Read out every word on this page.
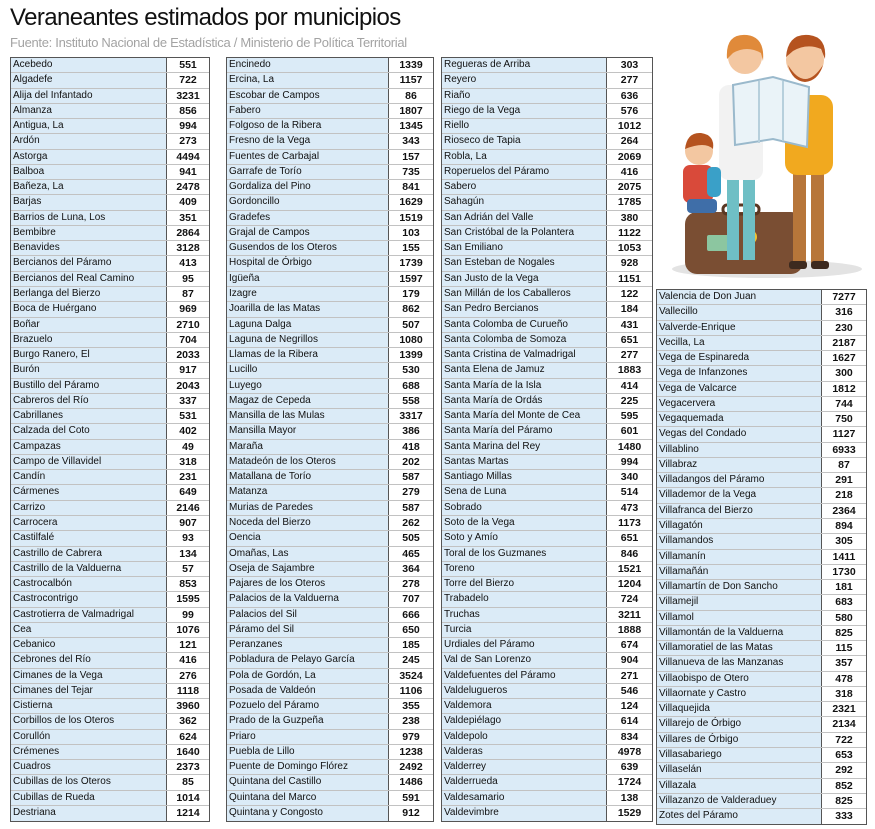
Veraneantes estimados por municipios
Fuente: Instituto Nacional de Estadística / Ministerio de Política Territorial
Acebedo	551
Algadefe	722
Alija del Infantado	3231
Almanza	856
Antigua, La	994
Ardón	273
Astorga	4494
Balboa	941
Bañeza, La	2478
Barjas	409
Barrios de Luna, Los	351
Bembibre	2864
Benavides	3128
Bercianos del Páramo	413
Bercianos del Real Camino	95
Berlanga del Bierzo	87
Boca de Huérgano	969
Boñar	2710
Brazuelo	704
Burgo Ranero, El	2033
Burón	917
Bustillo del Páramo	2043
Cabreros del Río	337
Cabrillanes	531
Calzada del Coto	402
Campazas	49
Campo de Villavidel	318
Candín	231
Cármenes	649
Carrizo	2146
Carrocera	907
Castilfalé	93
Castrillo de Cabrera	134
Castrillo de la Valduerna	57
Castrocalbón	853
Castrocontrigo	1595
Castrotierra de Valmadrigal	99
Cea	1076
Cebanico	121
Cebrones del Río	416
Cimanes de la Vega	276
Cimanes del Tejar	1118
Cistierna	3960
Corbillos de los Oteros	362
Corullón	624
Crémenes	1640
Cuadros	2373
Cubillas de los Oteros	85
Cubillas de Rueda	1014
Destriana	1214
Encinedo	1339
Ercina, La	1157
Escobar de Campos	86
Fabero	1807
Folgoso de la Ribera	1345
Fresno de la Vega	343
Fuentes de Carbajal	157
Garrafe de Torío	735
Gordaliza del Pino	841
Gordoncillo	1629
Gradefes	1519
Grajal de Campos	103
Gusendos de los Oteros	155
Hospital de Órbigo	1739
Igüeña	1597
Izagre	179
Joarilla de las Matas	862
Laguna Dalga	507
Laguna de Negrillos	1080
Llamas de la Ribera	1399
Lucillo	530
Luyego	688
Magaz de Cepeda	558
Mansilla de las Mulas	3317
Mansilla Mayor	386
Maraña	418
Matadeón de los Oteros	202
Matallana de Torío	587
Matanza	279
Murias de Paredes	587
Noceda del Bierzo	262
Oencia	505
Omañas, Las	465
Oseja de Sajambre	364
Pajares de los Oteros	278
Palacios de la Valduerna	707
Palacios del Sil	666
Páramo del Sil	650
Peranzanes	185
Pobladura de Pelayo García	245
Pola de Gordón, La	3524
Posada de Valdeón	1106
Pozuelo del Páramo	355
Prado de la Guzpeña	238
Priaro	979
Puebla de Lillo	1238
Puente de Domingo Flórez	2492
Quintana del Castillo	1486
Quintana del Marco	591
Quintana y Congosto	912
Regueras de Arriba	303
Reyero	277
Riaño	636
Riego de la Vega	576
Riello	1012
Rioseco de Tapia	264
Robla, La	2069
Roperuelos del Páramo	416
Sabero	2075
Sahagún	1785
San Adrián del Valle	380
San Cristóbal de la Polantera	1122
San Emiliano	1053
San Esteban de Nogales	928
San Justo de la Vega	1151
San Millán de los Caballeros	122
San Pedro Bercianos	184
Santa Colomba de Curueño	431
Santa Colomba de Somoza	651
Santa Cristina de Valmadrigal	277
Santa Elena de Jamuz	1883
Santa María de la Isla	414
Santa María de Ordás	225
Santa María del Monte de Cea	595
Santa María del Páramo	601
Santa Marina del Rey	1480
Santas Martas	994
Santiago Millas	340
Sena de Luna	514
Sobrado	473
Soto de la Vega	1173
Soto y Amío	651
Toral de los Guzmanes	846
Toreno	1521
Torre del Bierzo	1204
Trabadelo	724
Truchas	3211
Turcia	1888
Urdiales del Páramo	674
Val de San Lorenzo	904
Valdefuentes del Páramo	271
Valdelugueros	546
Valdemora	124
Valdepiélago	614
Valdepolo	834
Valderas	4978
Valderrey	639
Valderrueda	1724
Valdesamario	138
Valdevimbre	1529
Valencia de Don Juan	7277
Vallecillo	316
Valverde-Enrique	230
Vecilla, La	2187
Vega de Espinareda	1627
Vega de Infanzones	300
Vega de Valcarce	1812
Vegacervera	744
Vegaquemada	750
Vegas del Condado	1127
Villablino	6933
Villabraz	87
Villadangos del Páramo	291
Villademor de la Vega	218
Villafranca del Bierzo	2364
Villagatón	894
Villamandos	305
Villamanín	1411
Villamañán	1730
Villamartín de Don Sancho	181
Villamejil	683
Villamol	580
Villamontán de la Valduerna	825
Villamoratiel de las Matas	115
Villanueva de las Manzanas	357
Villaobispo de Otero	478
Villaornate y Castro	318
Villaquejida	2321
Villarejo de Órbigo	2134
Villares de Órbigo	722
Villasabariego	653
Villaselán	292
Villazala	852
Villazanzo de Valderaduey	825
Zotes del Páramo	333
